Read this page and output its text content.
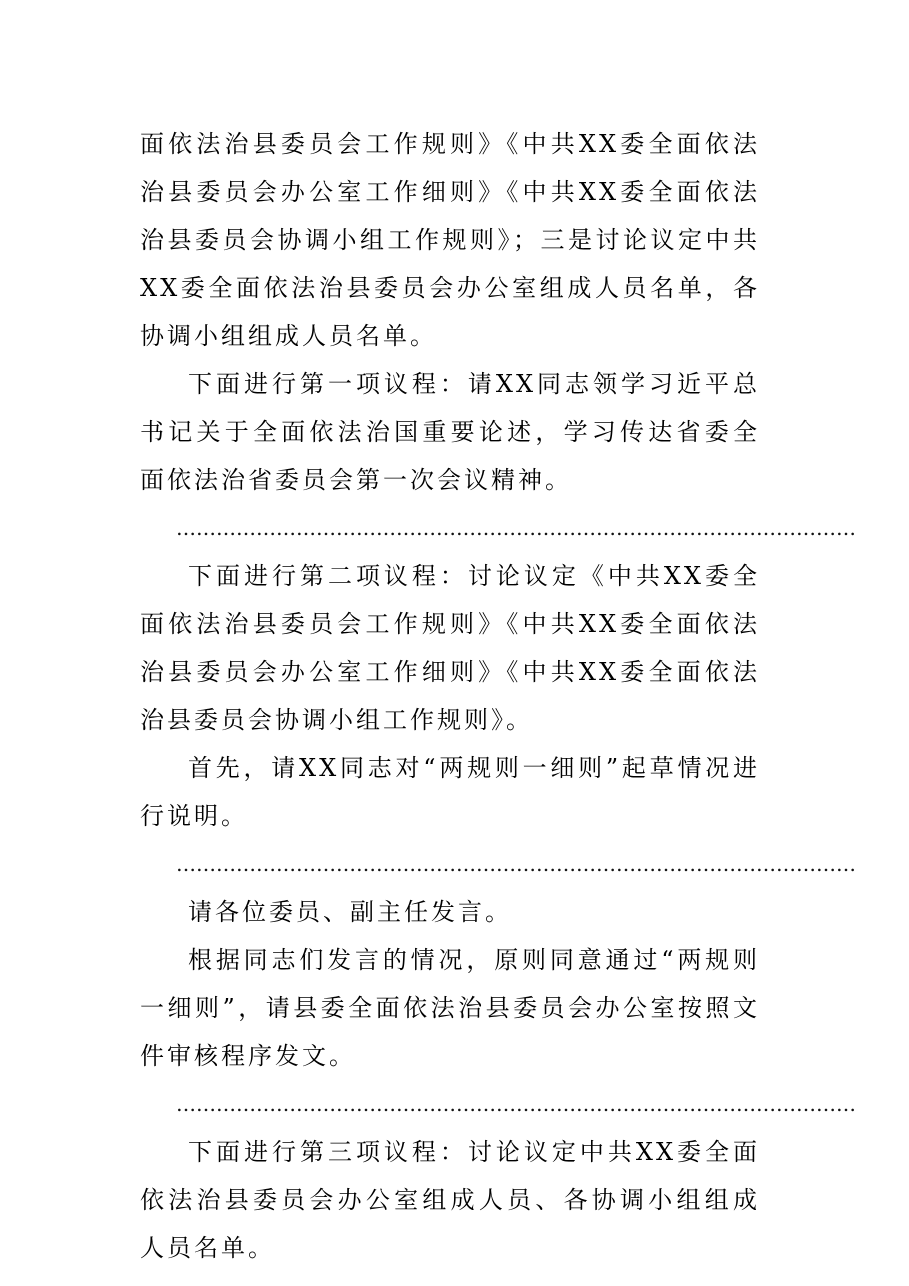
面依法治县委员会工作规则》《中共XX委全面依法治县委员会办公室工作细则》《中共XX委全面依法治县委员会协调小组工作规则》；三是讨论议定中共XX委全面依法治县委员会办公室组成人员名单，各协调小组组成人员名单。

下面进行第一项议程：请XX同志领学习近平总书记关于全面依法治国重要论述，学习传达省委全面依法治省委员会第一次会议精神。

…………………………………………………………………………………………

下面进行第二项议程：讨论议定《中共XX委全面依法治县委员会工作规则》《中共XX委全面依法治县委员会办公室工作细则》《中共XX委全面依法治县委员会协调小组工作规则》。

首先，请XX同志对“两规则一细则”起草情况进行说明。

…………………………………………………………………………………………

请各位委员、副主任发言。

根据同志们发言的情况，原则同意通过“两规则一细则”，请县委全面依法治县委员会办公室按照文件审核程序发文。

…………………………………………………………………………………………

下面进行第三项议程：讨论议定中共XX委全面依法治县委员会办公室组成人员、各协调小组组成人员名单。
